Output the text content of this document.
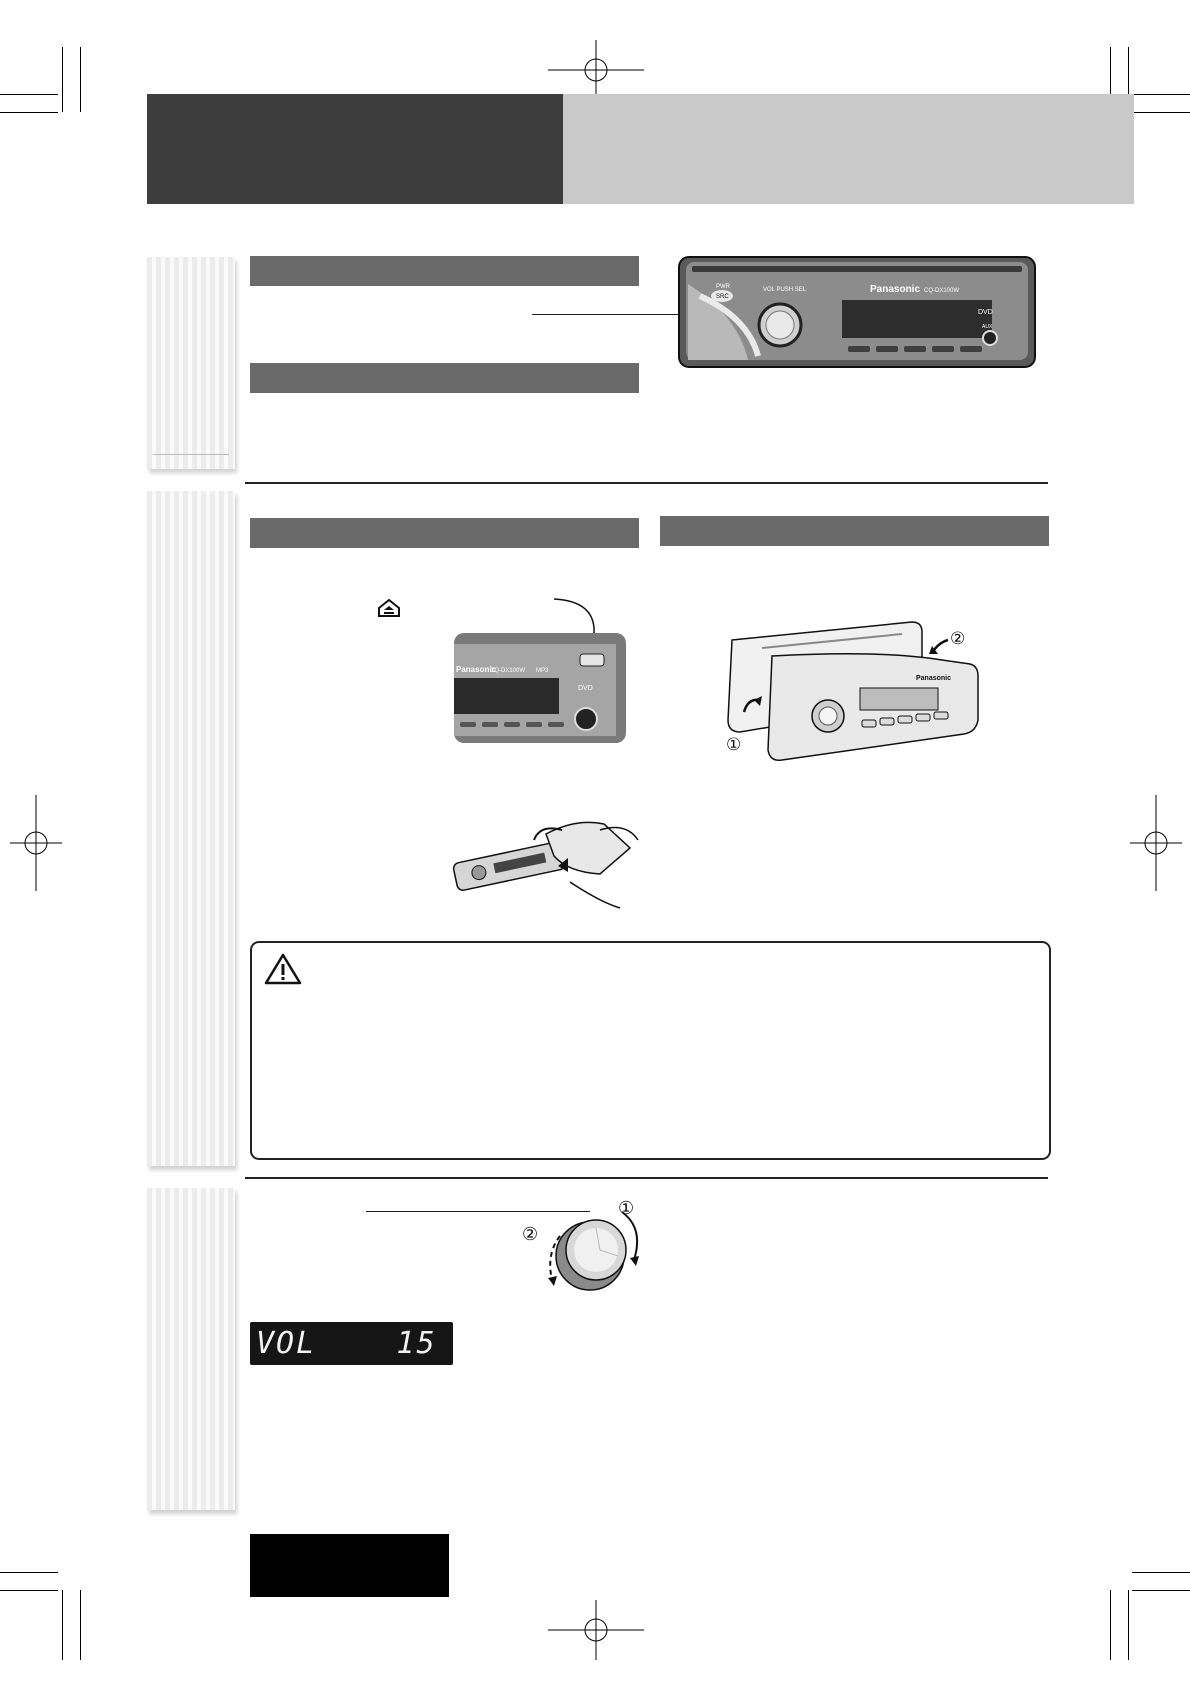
PWR
SRC
VOL PUSH SEL	Panasonic CQ-DX100W
DVD
AUX
Panasonic
CQ-DX100W MP3
DVD
Panasonic
②
①
①
②
VOL    15
